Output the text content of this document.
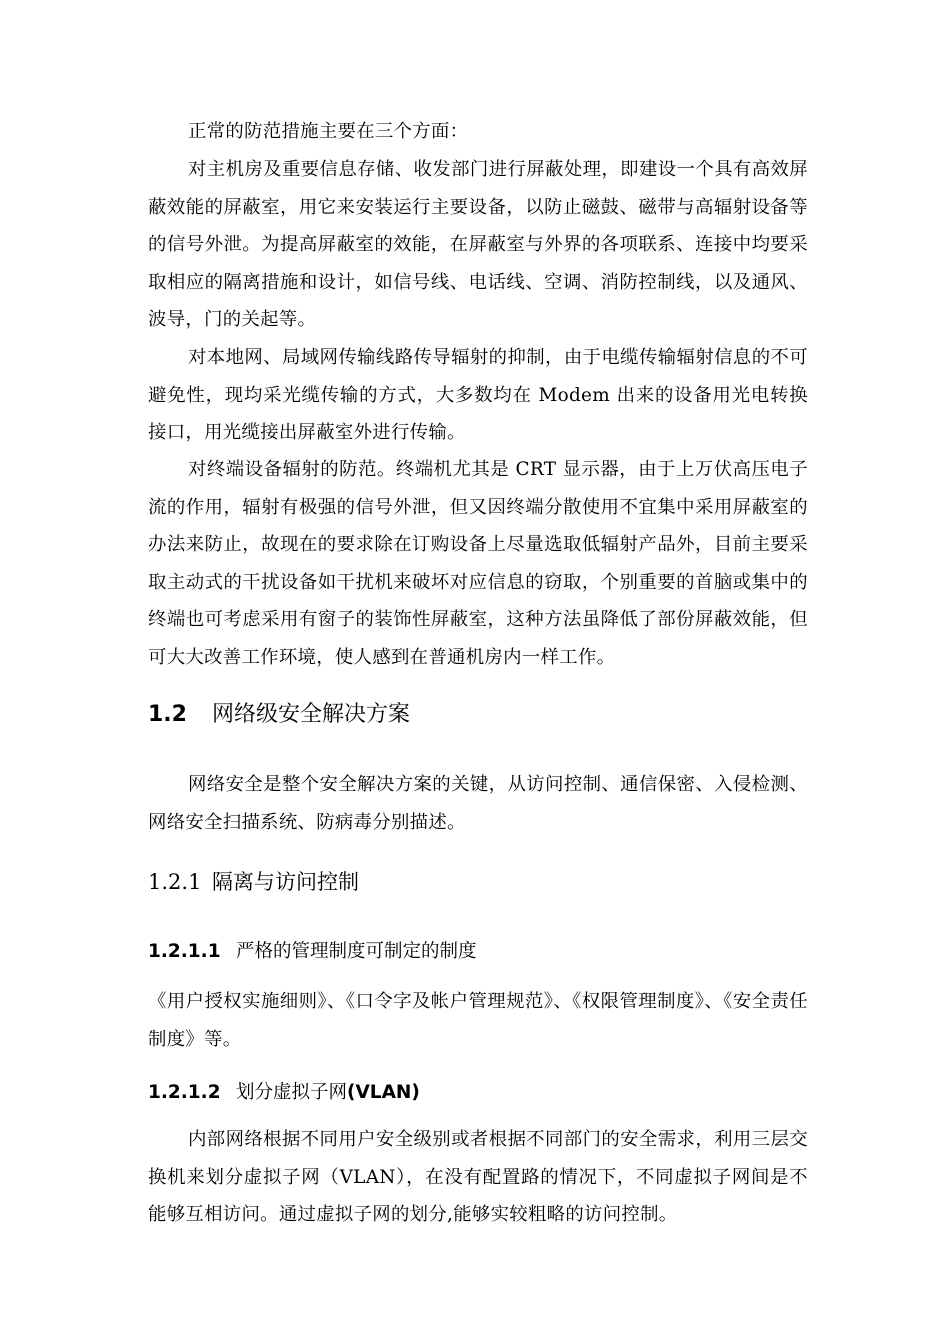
正常的防范措施主要在三个方面：

对主机房及重要信息存储、收发部门进行屏蔽处理，即建设一个具有高效屏蔽效能的屏蔽室，用它来安装运行主要设备，以防止磁鼓、磁带与高辐射设备等的信号外泄。为提高屏蔽室的效能，在屏蔽室与外界的各项联系、连接中均要采取相应的隔离措施和设计，如信号线、电话线、空调、消防控制线，以及通风、波导，门的关起等。

对本地网、局域网传输线路传导辐射的抑制，由于电缆传输辐射信息的不可避免性，现均采光缆传输的方式，大多数均在 Modem 出来的设备用光电转换接口，用光缆接出屏蔽室外进行传输。

对终端设备辐射的防范。终端机尤其是 CRT 显示器，由于上万伏高压电子流的作用，辐射有极强的信号外泄，但又因终端分散使用不宜集中采用屏蔽室的办法来防止，故现在的要求除在订购设备上尽量选取低辐射产品外，目前主要采取主动式的干扰设备如干扰机来破坏对应信息的窃取，个别重要的首脑或集中的终端也可考虑采用有窗子的装饰性屏蔽室，这种方法虽降低了部份屏蔽效能，但可大大改善工作环境，使人感到在普通机房内一样工作。

1.2	网络级安全解决方案

网络安全是整个安全解决方案的关键，从访问控制、通信保密、入侵检测、网络安全扫描系统、防病毒分别描述。

1.2.1 隔离与访问控制
1.2.1.1 严格的管理制度可制定的制度

《用户授权实施细则》、《口令字及帐户管理规范》、《权限管理制度》、《安全责任制度》等。

1.2.1.2 划分虚拟子网(VLAN)

内部网络根据不同用户安全级别或者根据不同部门的安全需求，利用三层交换机来划分虚拟子网（VLAN），在没有配置路的情况下，不同虚拟子网间是不能够互相访问。通过虚拟子网的划分,能够实较粗略的访问控制。
